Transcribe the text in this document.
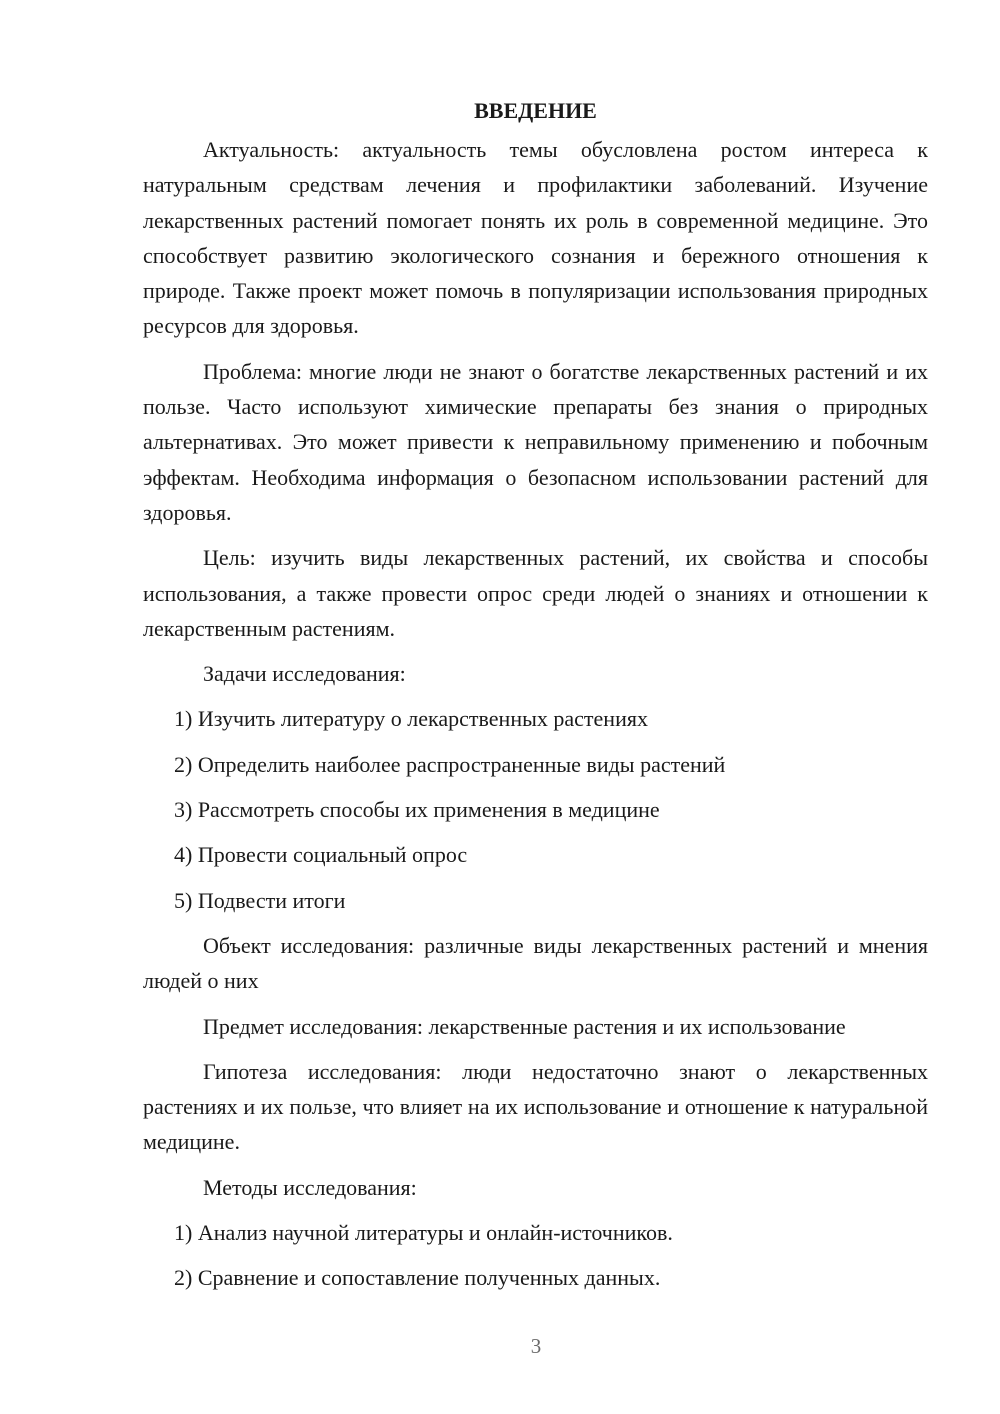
ВВЕДЕНИЕ

Актуальность: актуальность темы обусловлена ростом интереса к натуральным средствам лечения и профилактики заболеваний. Изучение лекарственных растений помогает понять их роль в современной медицине. Это способствует развитию экологического сознания и бережного отношения к природе. Также проект может помочь в популяризации использования природных ресурсов для здоровья.

Проблема: многие люди не знают о богатстве лекарственных растений и их пользе. Часто используют химические препараты без знания о природных альтернативах. Это может привести к неправильному применению и побочным эффектам. Необходима информация о безопасном использовании растений для здоровья.

Цель: изучить виды лекарственных растений, их свойства и способы использования, а также провести опрос среди людей о знаниях и отношении к лекарственным растениям.

Задачи исследования:
1) Изучить литературу о лекарственных растениях
2) Определить наиболее распространенные виды растений
3) Рассмотреть способы их применения в медицине
4) Провести социальный опрос
5) Подвести итоги

Объект исследования: различные виды лекарственных растений и мнения людей о них

Предмет исследования: лекарственные растения и их использование

Гипотеза исследования: люди недостаточно знают о лекарственных растениях и их пользе, что влияет на их использование и отношение к натуральной медицине.

Методы исследования:
1) Анализ научной литературы и онлайн-источников.
2) Сравнение и сопоставление полученных данных.
3
